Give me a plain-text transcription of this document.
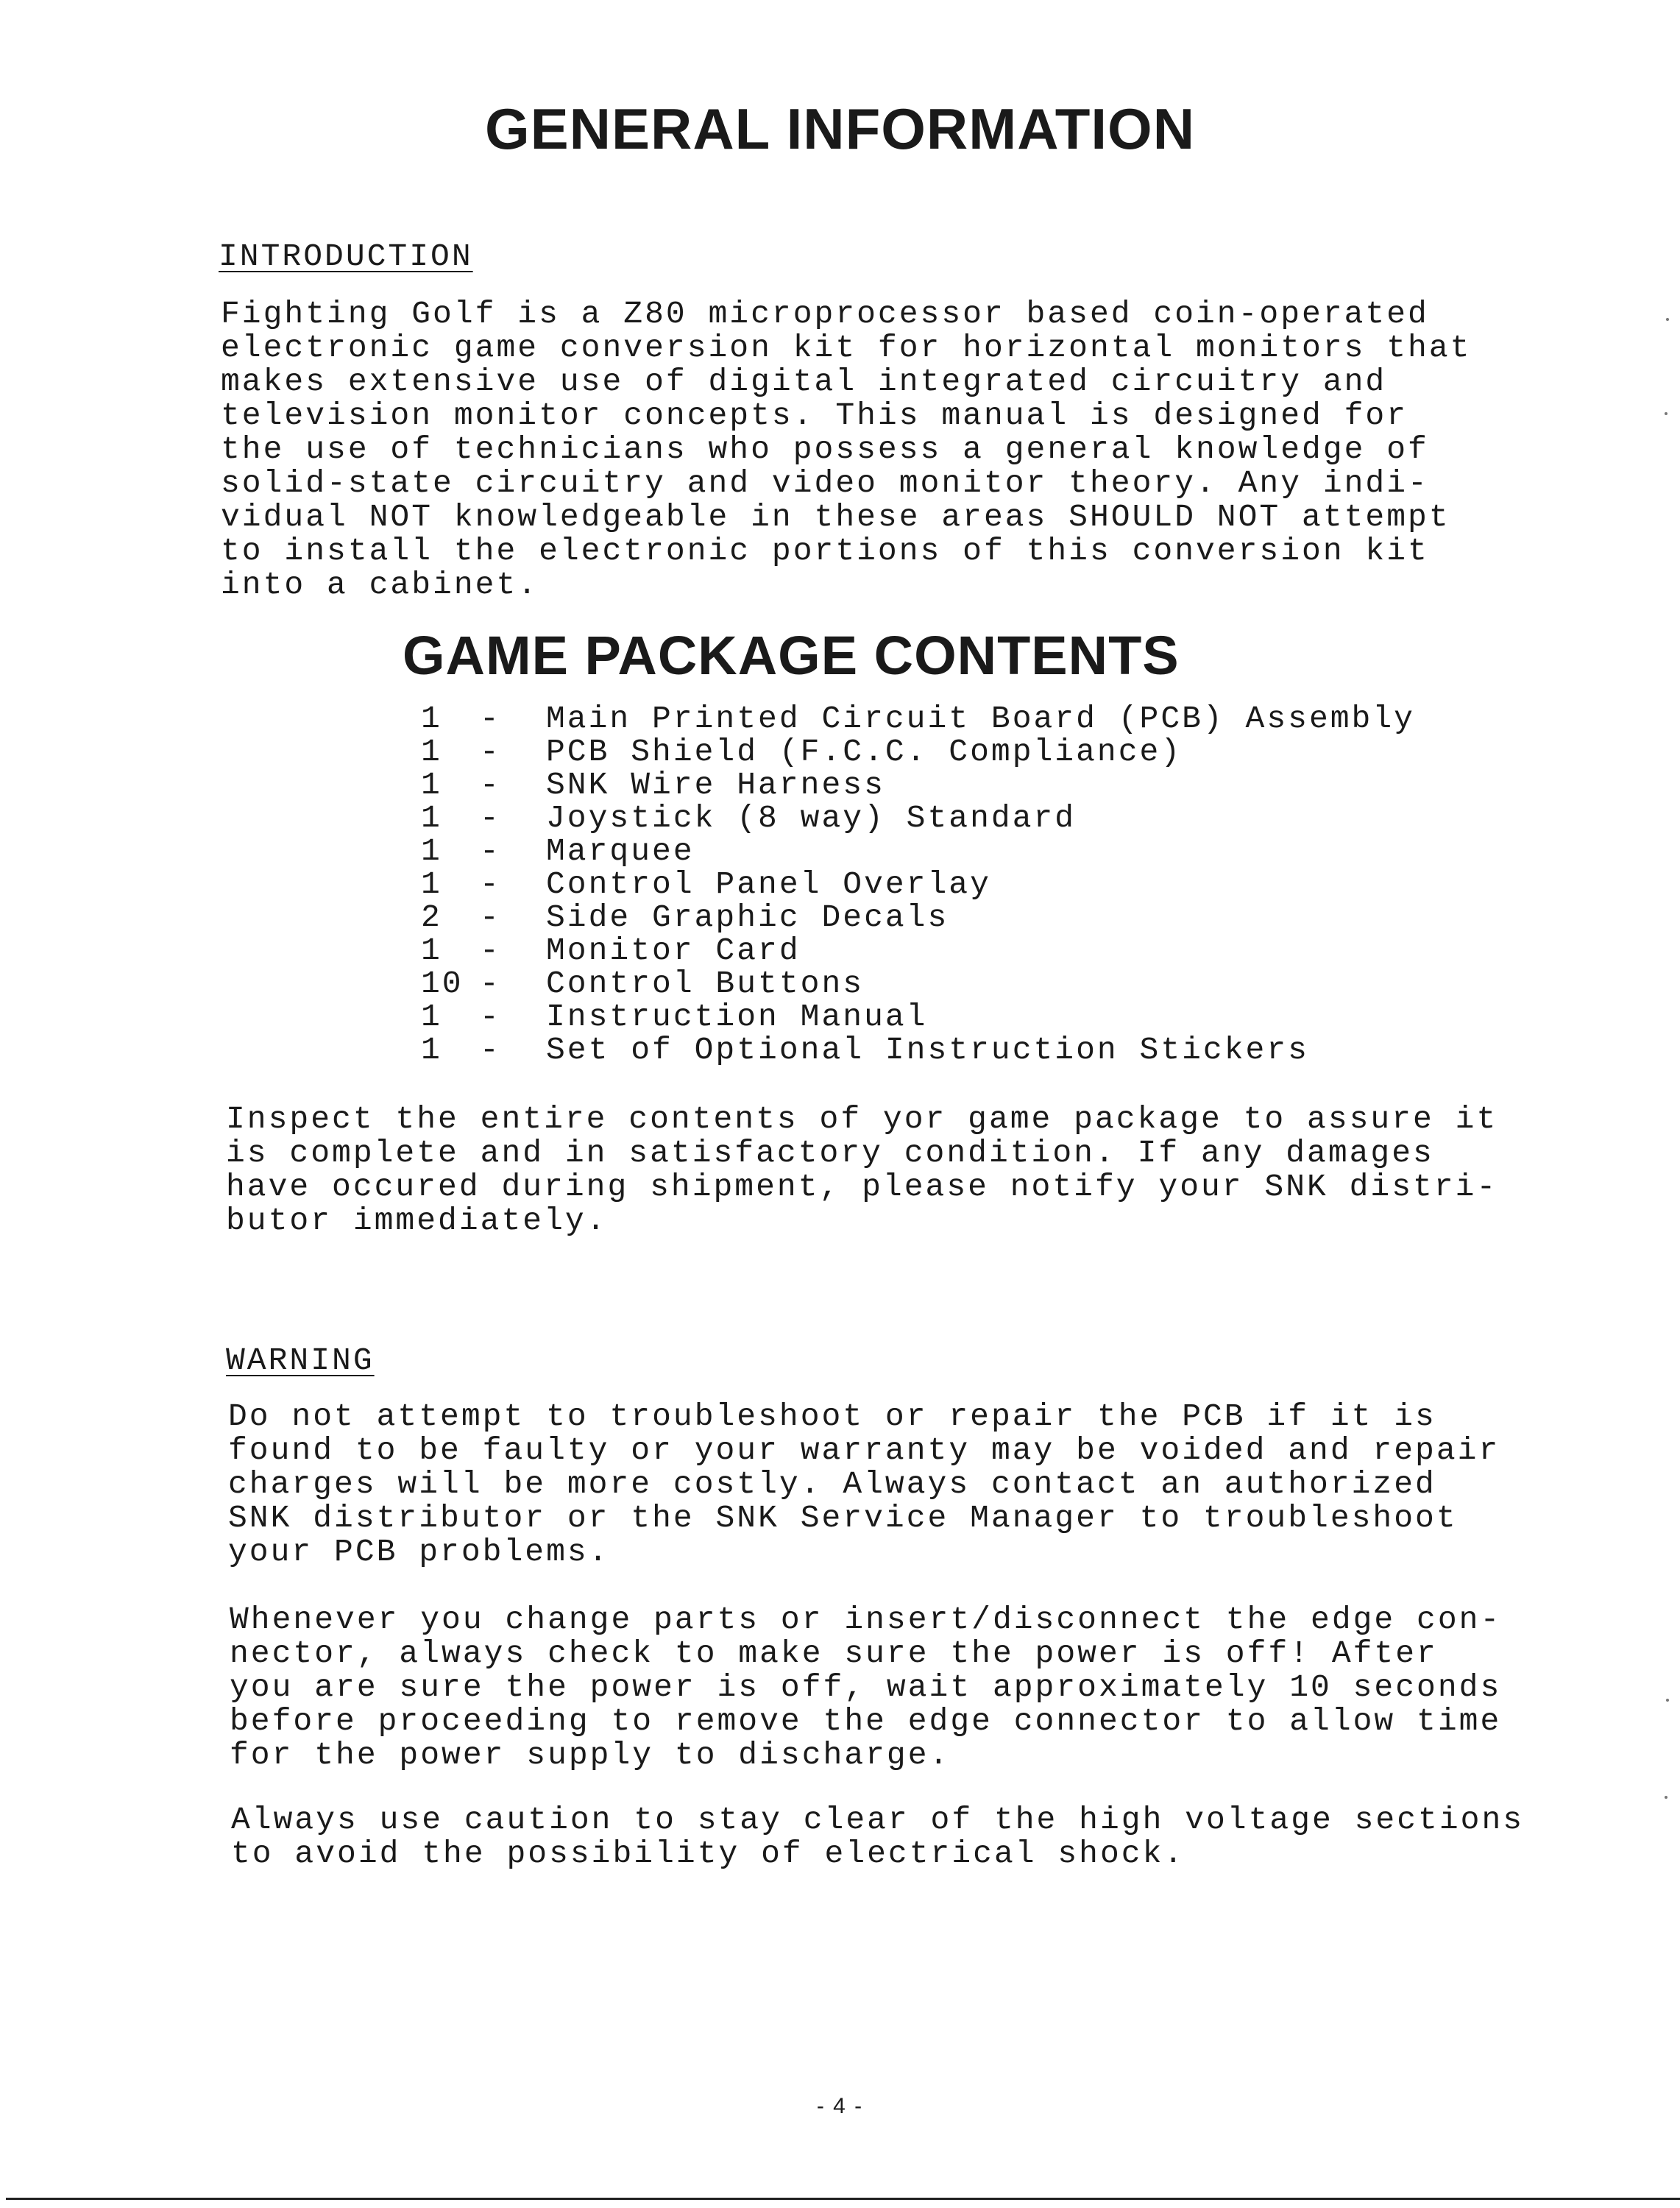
GENERAL INFORMATION
INTRODUCTION
Fighting Golf is a Z80 microprocessor based coin-operated
electronic game conversion kit for horizontal monitors that
makes extensive use of digital integrated circuitry and
television monitor concepts. This manual is designed for
the use of technicians who possess a general knowledge of
solid-state circuitry and video monitor theory. Any indi-
vidual NOT knowledgeable in these areas SHOULD NOT attempt
to install the electronic portions of this conversion kit
into a cabinet.
GAME PACKAGE CONTENTS
1	-	Main Printed Circuit Board (PCB) Assembly
1	-	PCB Shield (F.C.C. Compliance)
1	-	SNK Wire Harness
1	-	Joystick (8 way) Standard
1	-	Marquee
1	-	Control Panel Overlay
2	-	Side Graphic Decals
1	-	Monitor Card
10 -	Control Buttons
1	-	Instruction Manual
1	-	Set of Optional Instruction Stickers
Inspect the entire contents of yor game package to assure it
is complete and in satisfactory condition. If any damages
have occured during shipment, please notify your SNK distri-
butor immediately.
WARNING
Do not attempt to troubleshoot or repair the PCB if it is
found to be faulty or your warranty may be voided and repair
charges will be more costly. Always contact an authorized
SNK distributor or the SNK Service Manager to troubleshoot
your PCB problems.
Whenever you change parts or insert/disconnect the edge con-
nector, always check to make sure the power is off! After
you are sure the power is off, wait approximately 10 seconds
before proceeding to remove the edge connector to allow time
for the power supply to discharge.
Always use caution to stay clear of the high voltage sections
to avoid the possibility of electrical shock.
- 4 -
